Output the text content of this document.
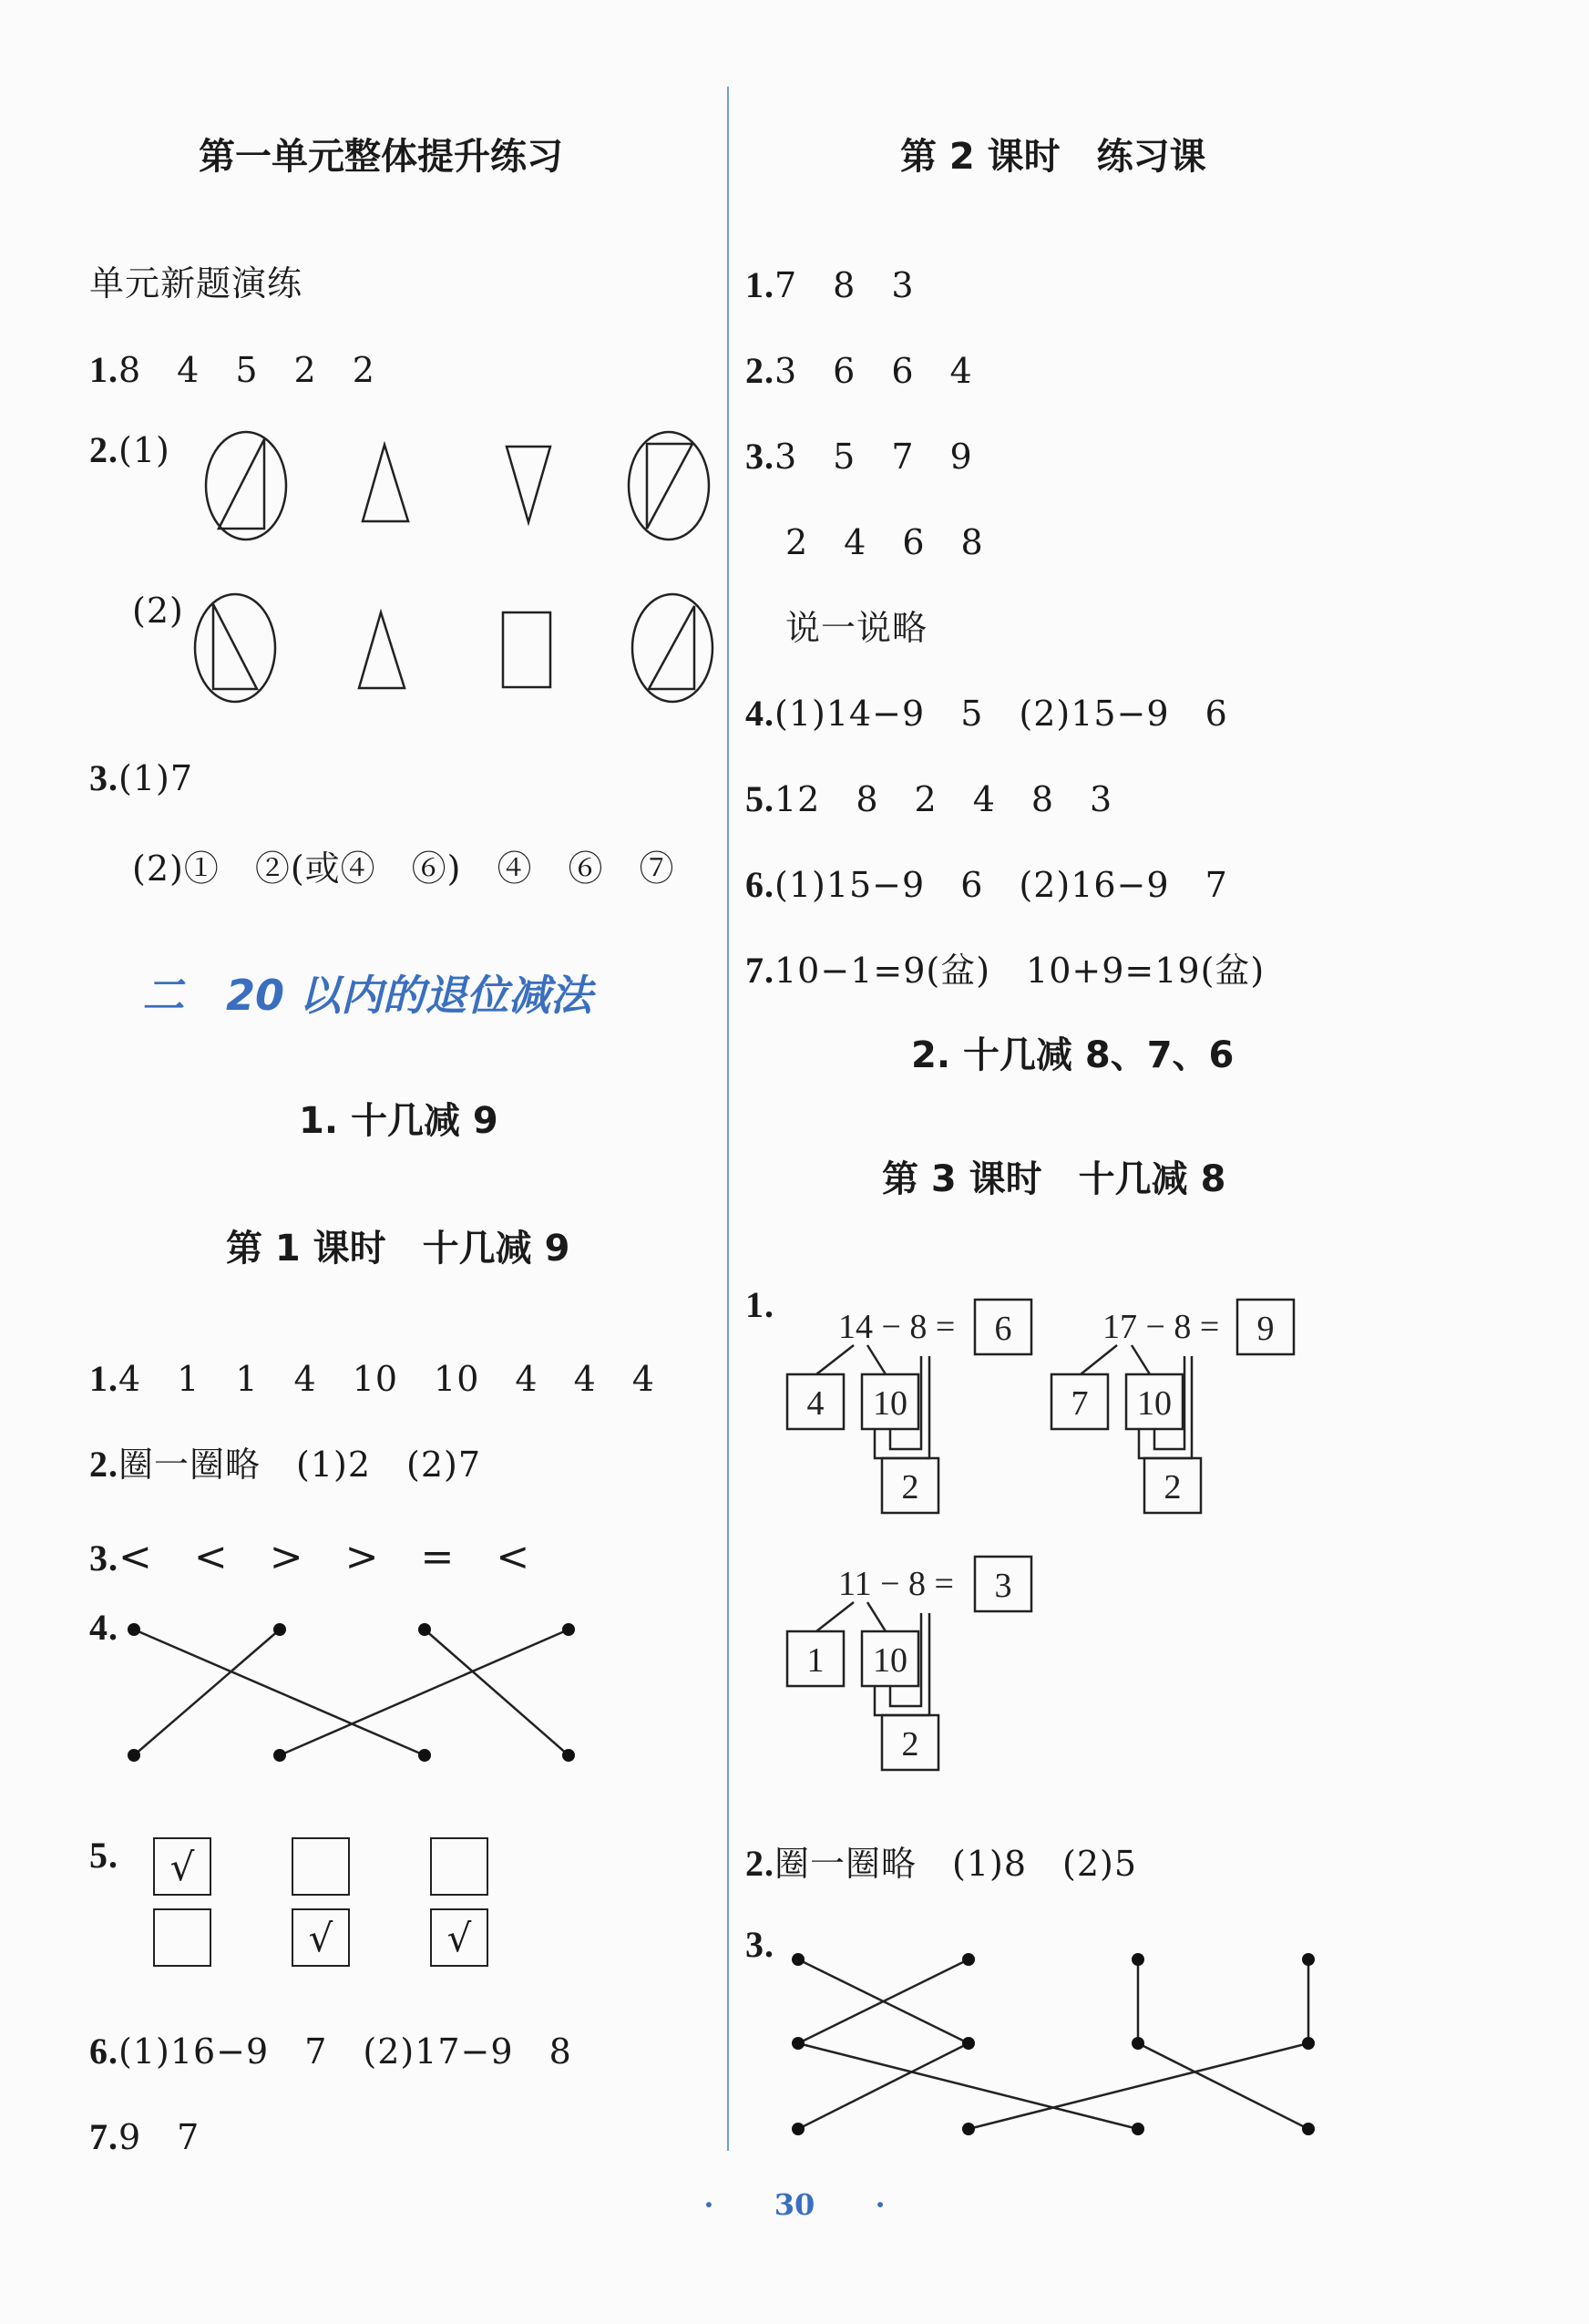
第一单元整体提升练习
单元新题演练
1.8　4　5　2　2
2.(1)
(2)
3.(1)7
(2)①　②(或④　⑥)　④　⑥　⑦
二　20 以内的退位减法
1. 十几减 9
第 1 课时　十几减 9
1.4　1　1　4　10　10　4　4　4
2.圈一圈略　(1)2　(2)7
3.<　<　>　>　=　<
4.
5.	√
√	√
6.(1)16−9　7　(2)17−9　8
7.9　7
第 2 课时　练习课
1.7　8　3
2.3　6　6　4
3.3　5　7　9
2　4　6　8
说一说略
4.(1)14−9　5　(2)15−9　6
5.12　8　2　4　8　3
6.(1)15−9　6　(2)16−9　7
7.10−1=9(盆)　10+9=19(盆)
2. 十几减 8、7、6
第 3 课时　十几减 8
1.
14 − 8 = 6
4 10
2
17 − 8 = 9
7 10
2
11 − 8 = 3
1 10
2
2.圈一圈略　(1)8　(2)5
3.
· 30 ·
